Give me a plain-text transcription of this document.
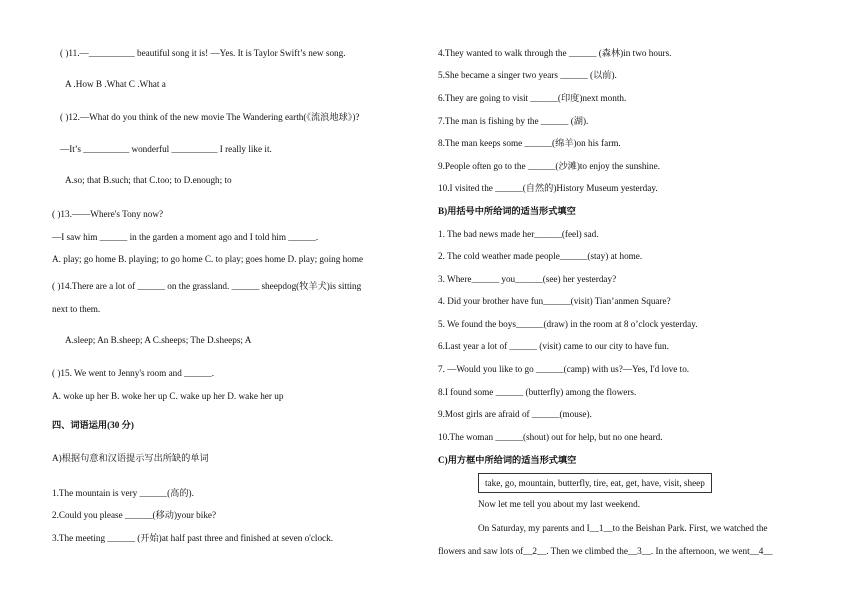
( )11.—__________ beautiful song it is! —Yes. It is Taylor Swift’s new song.
A .How B .What C .What a
( )12.—What do you think of the new movie The Wandering earth(《流浪地球》)?
—It’s __________ wonderful __________ I really like it.
A.so; that B.such; that C.too; to D.enough; to
( )13.——Where's Tony now?
—I saw him ______ in the garden a moment ago and I told him ______.
A. play; go home B. playing; to go home C. to play; goes home D. play; going home
( )14.There are a lot of ______ on the grassland. ______ sheepdog(牧羊犬)is sitting
next to them.
A.sleep; An B.sheep; A C.sheeps; The D.sheeps; A
( )15. We went to Jenny's room and ______.
A. woke up her B. woke her up C. wake up her D. wake her up
四、词语运用(30 分)
A)根据句意和汉语提示写出所缺的单词
1.The mountain is very ______(高的).
2.Could you please ______(移动)your bike?
3.The meeting ______ (开始)at half past three and finished at seven o'clock.
4.They wanted to walk through the ______ (森林)in two hours.
5.She became a singer two years ______ (以前).
6.They are going to visit ______(印度)next month.
7.The man is fishing by the ______ (湖).
8.The man keeps some ______(绵羊)on his farm.
9.People often go to the ______(沙滩)to enjoy the sunshine.
10.I visited the ______(自然的)History Museum yesterday.
B)用括号中所给词的适当形式填空
1. The bad news made her______(feel) sad.
2. The cold weather made people______(stay) at home.
3. Where______ you______(see) her yesterday?
4. Did your brother have fun______(visit) Tian’anmen Square?
5. We found the boys______(draw) in the room at 8 o’clock yesterday.
6.Last year a lot of ______ (visit) came to our city to have fun.
7. —Would you like to go ______(camp) with us?—Yes, I'd love to.
8.I found some ______ (butterfly) among the flowers.
9.Most girls are afraid of ______(mouse).
10.The woman ______(shout) out for help, but no one heard.
C)用方框中所给词的适当形式填空
Now let me tell you about my last weekend.
On Saturday, my parents and I__1__to the Beishan Park. First, we watched the
flowers and saw lots of__2__. Then we climbed the__3__. In the afternoon, we went__4__
take, go, mountain, butterfly, tire, eat, get, have, visit, sheep
